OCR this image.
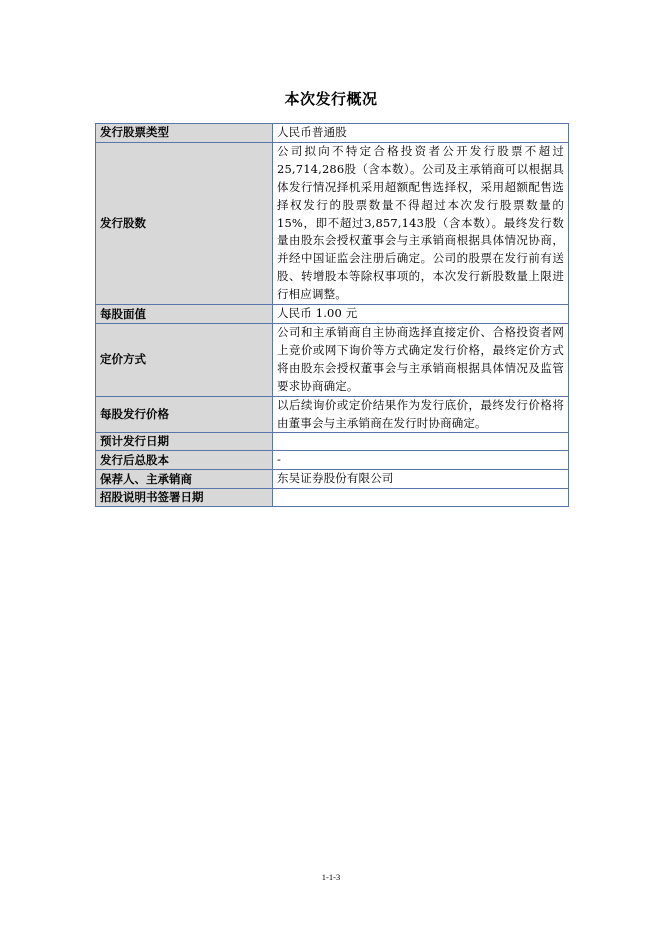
本次发行概况
发行股票类型	人民币普通股
发行股数	公司拟向不特定合格投资者公开发行股票不超过25,714,286股（含本数）。公司及主承销商可以根据具体发行情况择机采用超额配售选择权，采用超额配售选择权发行的股票数量不得超过本次发行股票数量的15%，即不超过3,857,143股（含本数）。最终发行数量由股东会授权董事会与主承销商根据具体情况协商，并经中国证监会注册后确定。公司的股票在发行前有送股、转增股本等除权事项的，本次发行新股数量上限进行相应调整。
每股面值	人民币 1.00 元
定价方式	公司和主承销商自主协商选择直接定价、合格投资者网上竞价或网下询价等方式确定发行价格，最终定价方式将由股东会授权董事会与主承销商根据具体情况及监管要求协商确定。
每股发行价格	以后续询价或定价结果作为发行底价，最终发行价格将由董事会与主承销商在发行时协商确定。
预计发行日期	
发行后总股本	-
保荐人、主承销商	东吴证券股份有限公司
招股说明书签署日期	
1-1-3
